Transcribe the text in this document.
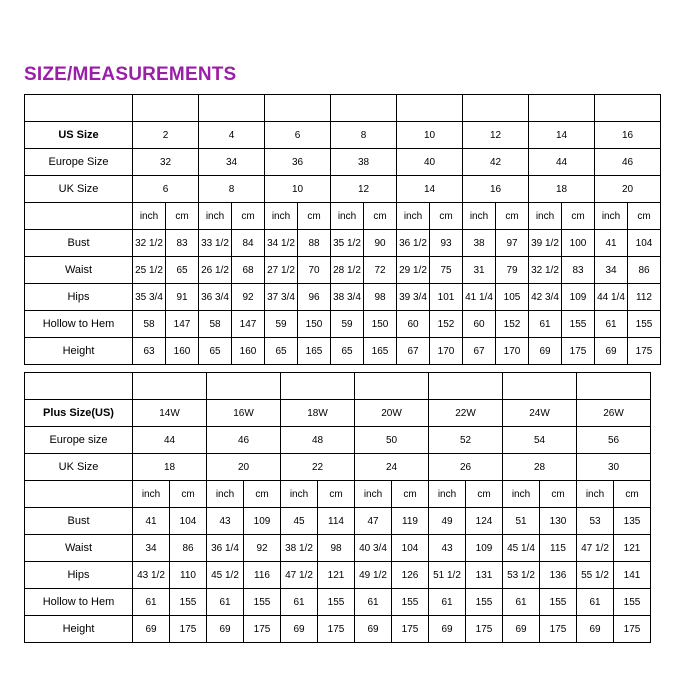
SIZE/MEASUREMENTS

US Size	2		4		6		8		10		12		14		16	
Europe Size	32		34		36		38		40		42		44		46	
UK Size	6		8		10		12		14		16		18		20	
	inch	cm	inch	cm	inch	cm	inch	cm	inch	cm	inch	cm	inch	cm	inch	cm
Bust	32 1/2	83	33 1/2	84	34 1/2	88	35 1/2	90	36 1/2	93	38	97	39 1/2	100	41	104
Waist	25 1/2	65	26 1/2	68	27 1/2	70	28 1/2	72	29 1/2	75	31	79	32 1/2	83	34	86
Hips	35 3/4	91	36 3/4	92	37 3/4	96	38 3/4	98	39 3/4	101	41 1/4	105	42 3/4	109	44 1/4	112
Hollow to Hem	58	147	58	147	59	150	59	150	60	152	60	152	61	155	61	155
Height	63	160	65	160	65	165	65	165	67	170	67	170	69	175	69	175

Plus Size(US)	14W		16W		18W		20W		22W		24W		26W	
Europe size	44		46		48		50		52		54		56	
UK Size	18		20		22		24		26		28		30	
	inch	cm	inch	cm	inch	cm	inch	cm	inch	cm	inch	cm	inch	cm
Bust	41	104	43	109	45	114	47	119	49	124	51	130	53	135
Waist	34	86	36 1/4	92	38 1/2	98	40 3/4	104	43	109	45 1/4	115	47 1/2	121
Hips	43 1/2	110	45 1/2	116	47 1/2	121	49 1/2	126	51 1/2	131	53 1/2	136	55 1/2	141
Hollow to Hem	61	155	61	155	61	155	61	155	61	155	61	155	61	155
Height	69	175	69	175	69	175	69	175	69	175	69	175	69	175
